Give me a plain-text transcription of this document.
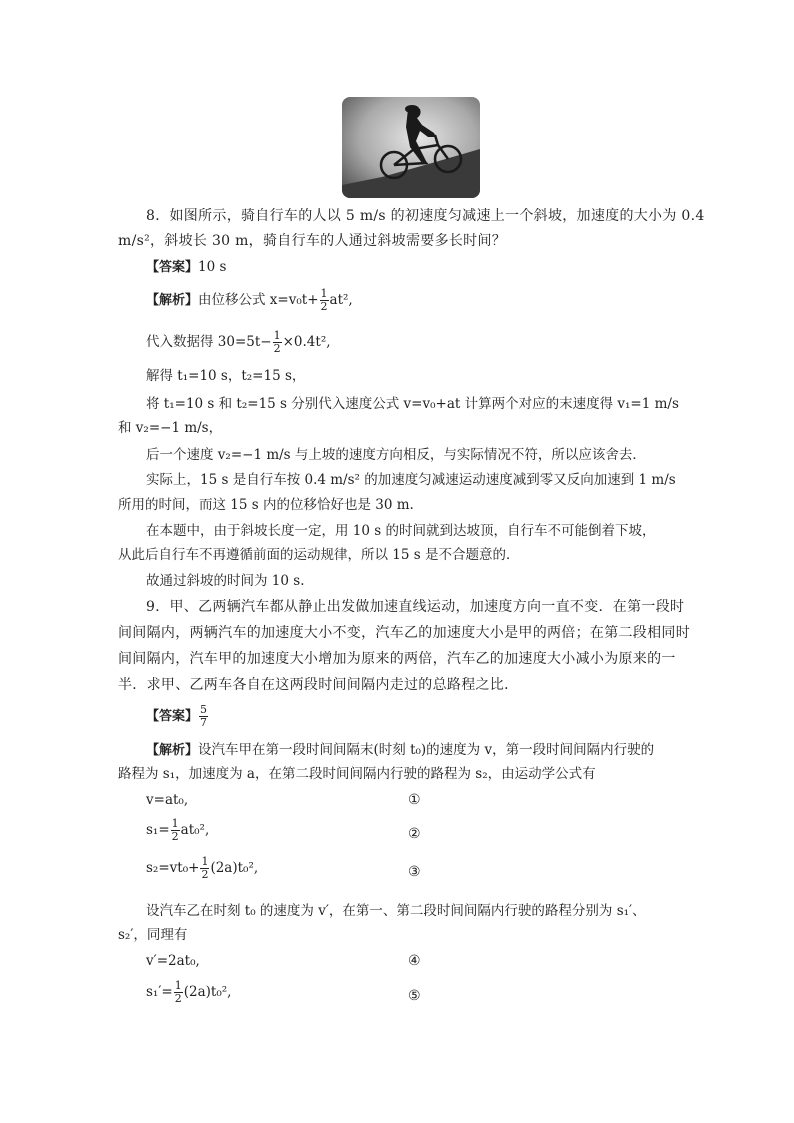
8．如图所示，骑自行车的人以 5 m/s 的初速度匀减速上一个斜坡，加速度的大小为 0.4
m/s²，斜坡长 30 m，骑自行车的人通过斜坡需要多长时间？
【答案】10 s
【解析】由位移公式 $x=v_0t+ \frac{1}{2} at^2$,
代入数据得 $30=5t- \frac{1}{2} \times 0.4t^2$,
解得 t₁=10 s，t₂=15 s，
将 t₁=10 s 和 t₂=15 s 分别代入速度公式 v=v₀+at 计算两个对应的末速度得 v₁=1 m/s
和 v₂=−1 m/s，
后一个速度 v₂=−1 m/s 与上坡的速度方向相反，与实际情况不符，所以应该舍去．
实际上，15 s 是自行车按 0.4 m/s² 的加速度匀减速运动速度减到零又反向加速到 1 m/s
所用的时间，而这 15 s 内的位移恰好也是 30 m.
在本题中，由于斜坡长度一定，用 10 s 的时间就到达坡顶，自行车不可能倒着下坡，
从此后自行车不再遵循前面的运动规律，所以 15 s 是不合题意的．
故通过斜坡的时间为 10 s.
9．甲、乙两辆汽车都从静止出发做加速直线运动，加速度方向一直不变．在第一段时
间间隔内，两辆汽车的加速度大小不变，汽车乙的加速度大小是甲的两倍；在第二段相同时
间间隔内，汽车甲的加速度大小增加为原来的两倍，汽车乙的加速度大小减小为原来的一
半．求甲、乙两车各自在这两段时间间隔内走过的总路程之比．
【答案】 $\frac{5}{7}$
【解析】设汽车甲在第一段时间间隔末(时刻 t₀)的速度为 v，第一段时间间隔内行驶的
路程为 s₁，加速度为 a，在第二段时间间隔内行驶的路程为 s₂，由运动学公式有
v=at₀,	①
$s_1= \frac{1}{2} at_0^2$,	②
$s_2=vt_0+ \frac{1}{2} (2a)t_0^2$,	③
设汽车乙在时刻 t₀ 的速度为 v′，在第一、第二段时间间隔内行驶的路程分别为 s₁′、
s₂′，同理有
v′=2at₀,	④
$s_1'= \frac{1}{2} (2a)t_0^2$,	⑤
